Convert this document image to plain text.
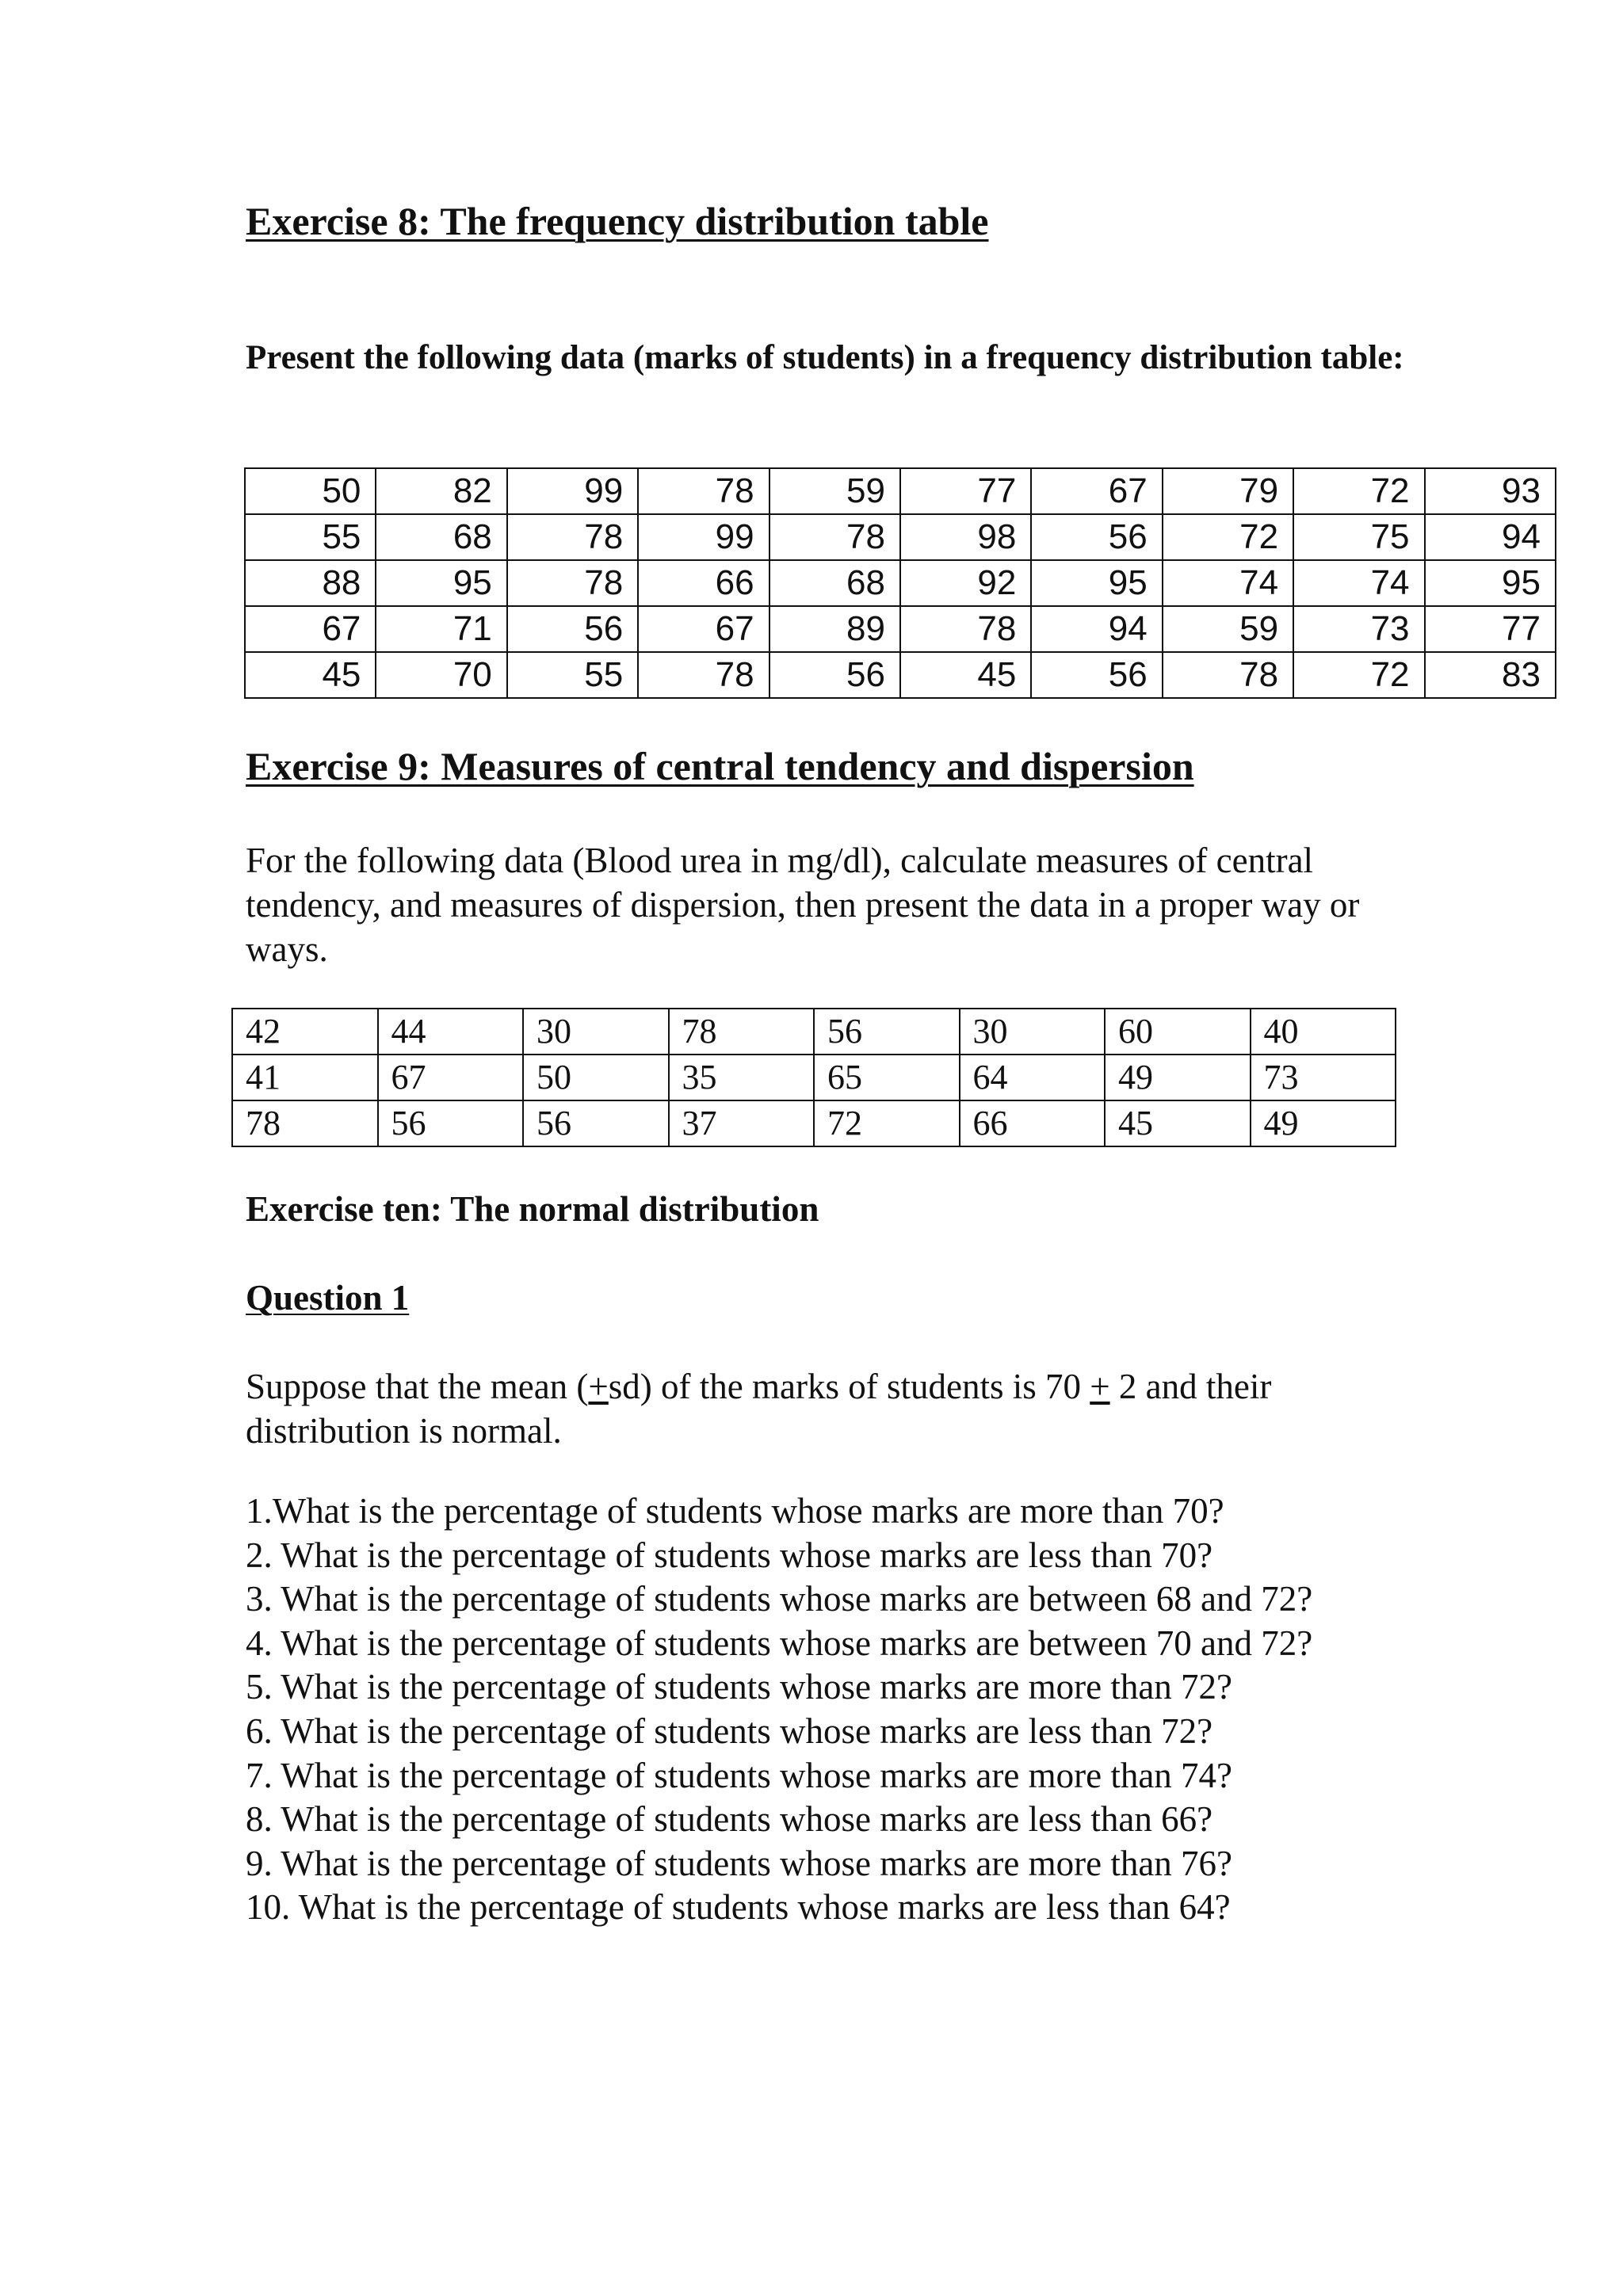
Exercise 8: The frequency distribution table

Present the following data (marks of students) in a frequency distribution table:

50	82	99	78	59	77	67	79	72	93
55	68	78	99	78	98	56	72	75	94
88	95	78	66	68	92	95	74	74	95
67	71	56	67	89	78	94	59	73	77
45	70	55	78	56	45	56	78	72	83
Exercise 9: Measures of central tendency and dispersion

For the following data (Blood urea in mg/dl), calculate measures of central tendency, and measures of dispersion, then present the data in a proper way or ways.

42	44	30	78	56	30	60	40
41	67	50	35	65	64	49	73
78	56	56	37	72	66	45	49
Exercise ten: The normal distribution
Question 1

Suppose that the mean (+sd) of the marks of students is 70 + 2 and their distribution is normal.

1.What is the percentage of students whose marks are more than 70?
2. What is the percentage of students whose marks are less than 70?
3. What is the percentage of students whose marks are between 68 and 72?
4. What is the percentage of students whose marks are between 70 and 72?
5. What is the percentage of students whose marks are more than 72?
6. What is the percentage of students whose marks are less than 72?
7. What is the percentage of students whose marks are more than 74?
8. What is the percentage of students whose marks are less than 66?
9. What is the percentage of students whose marks are more than 76?
10. What is the percentage of students whose marks are less than 64?
